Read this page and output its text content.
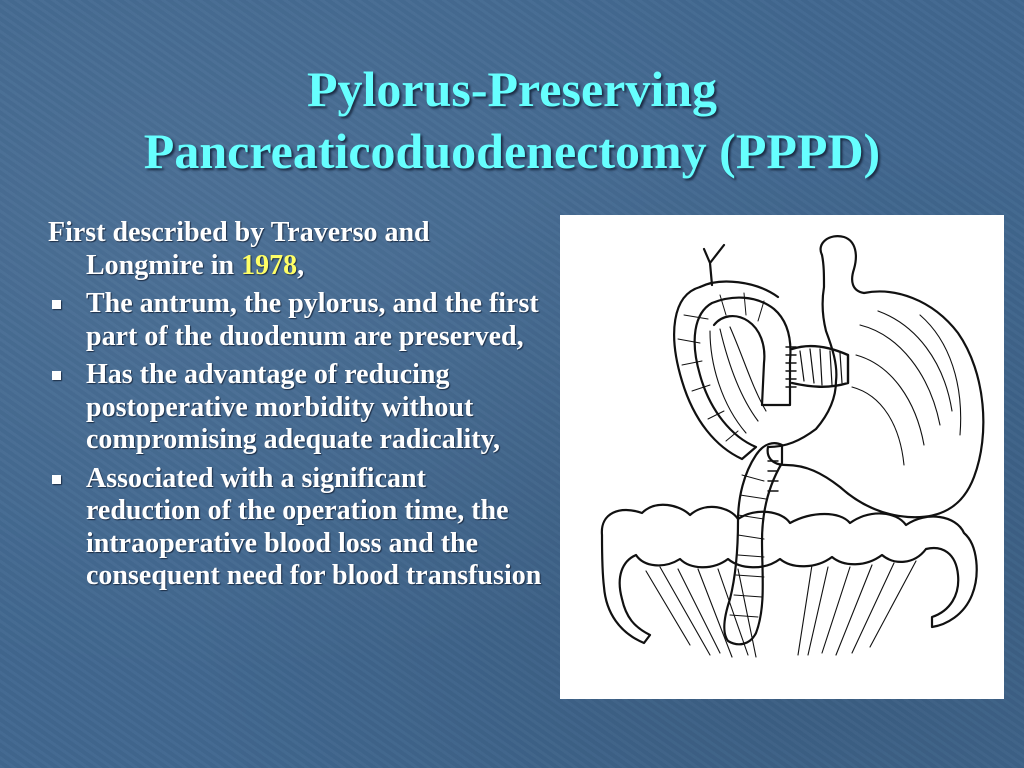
Pylorus-Preserving
Pancreaticoduodenectomy (PPPD)
First described by Traverso and Longmire in 1978,
The antrum, the pylorus, and the first part of the duodenum are preserved,
Has the advantage of reducing postoperative morbidity without compromising adequate radicality,
Associated with a significant reduction of the operation time, the intraoperative blood loss and the consequent need for blood transfusion
